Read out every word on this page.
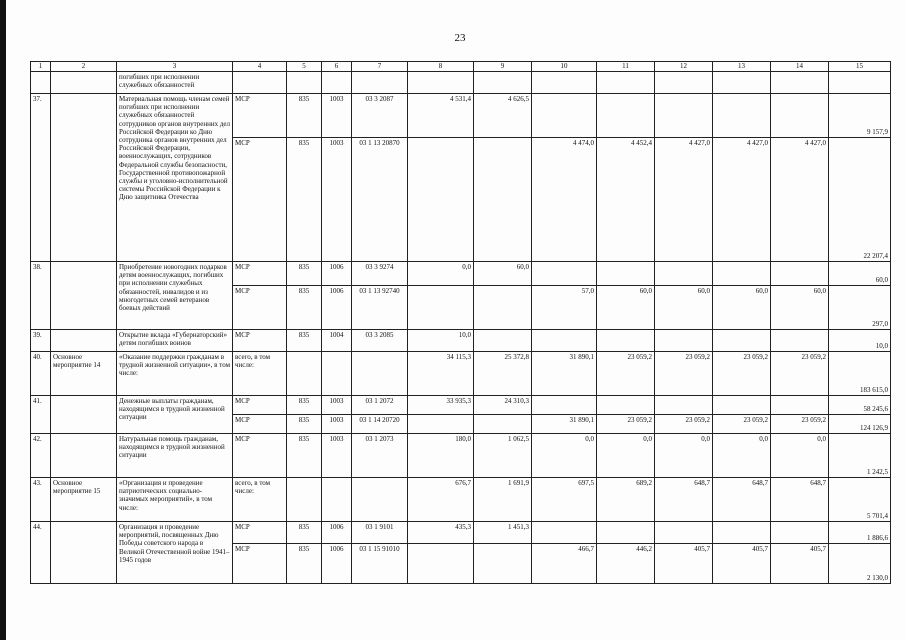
23
1	2	3	4	5	6	7	8	9	10	11	12	13	14	15
		погибших при исполнении служебных обязанностей												
37.		Материальная помощь членам семей погибших при исполнении служебных обязанностей сотрудников органов внутренних дел Российской Федерации ко Дню сотрудника органов внутренних дел Российской Федерации, военнослужащих, сотрудников Федеральной службы безопасности, Государственной противопожарной службы и уголовно-исполнительной системы Российской Федерации к Дню защитника Отечества	МСР	835	1003	03 3 2087	4 531,4	4 626,5						9 157,9
			МСР	835	1003	03 1 13 20870			4 474,0	4 452,4	4 427,0	4 427,0	4 427,0	22 207,4
38.		Приобретение новогодних подарков детям военнослужащих, погибших при исполнении служебных обязанностей, инвалидов и из многодетных семей ветеранов боевых действий	МСР	835	1006	03 3 9274	0,0	60,0						60,0
			МСР	835	1006	03 1 13 92740			57,0	60,0	60,0	60,0	60,0	297,0
39.		Открытие вклада «Губернаторский» детям погибших воинов	МСР	835	1004	03 3 2085	10,0							10,0
40.	Основное мероприятие 14	«Оказание поддержки гражданам в трудной жизненной ситуации», в том числе:	всего, в том числе:				34 115,3	25 372,8	31 890,1	23 059,2	23 059,2	23 059,2	23 059,2	183 615,0
41.		Денежные выплаты гражданам, находящимся в трудной жизненной ситуации	МСР	835	1003	03 1 2072	33 935,3	24 310,3						58 245,6
			МСР	835	1003	03 1 14 20720			31 890,1	23 059,2	23 059,2	23 059,2	23 059,2	124 126,9
42.		Натуральная помощь гражданам, находящимся в трудной жизненной ситуации	МСР	835	1003	03 1 2073	180,0	1 062,5	0,0	0,0	0,0	0,0	0,0	1 242,5
43.	Основное мероприятие 15	«Организация и проведение патриотических социально-значимых мероприятий», в том числе:	всего, в том числе:				676,7	1 691,9	697,5	689,2	648,7	648,7	648,7	5 701,4
44.		Организация и проведение мероприятий, посвященных Дню Победы советского народа в Великой Отечественной войне 1941–1945 годов	МСР	835	1006	03 1 9101	435,3	1 451,3						1 886,6
			МСР	835	1006	03 1 15 91010			466,7	446,2	405,7	405,7	405,7	2 130,0
